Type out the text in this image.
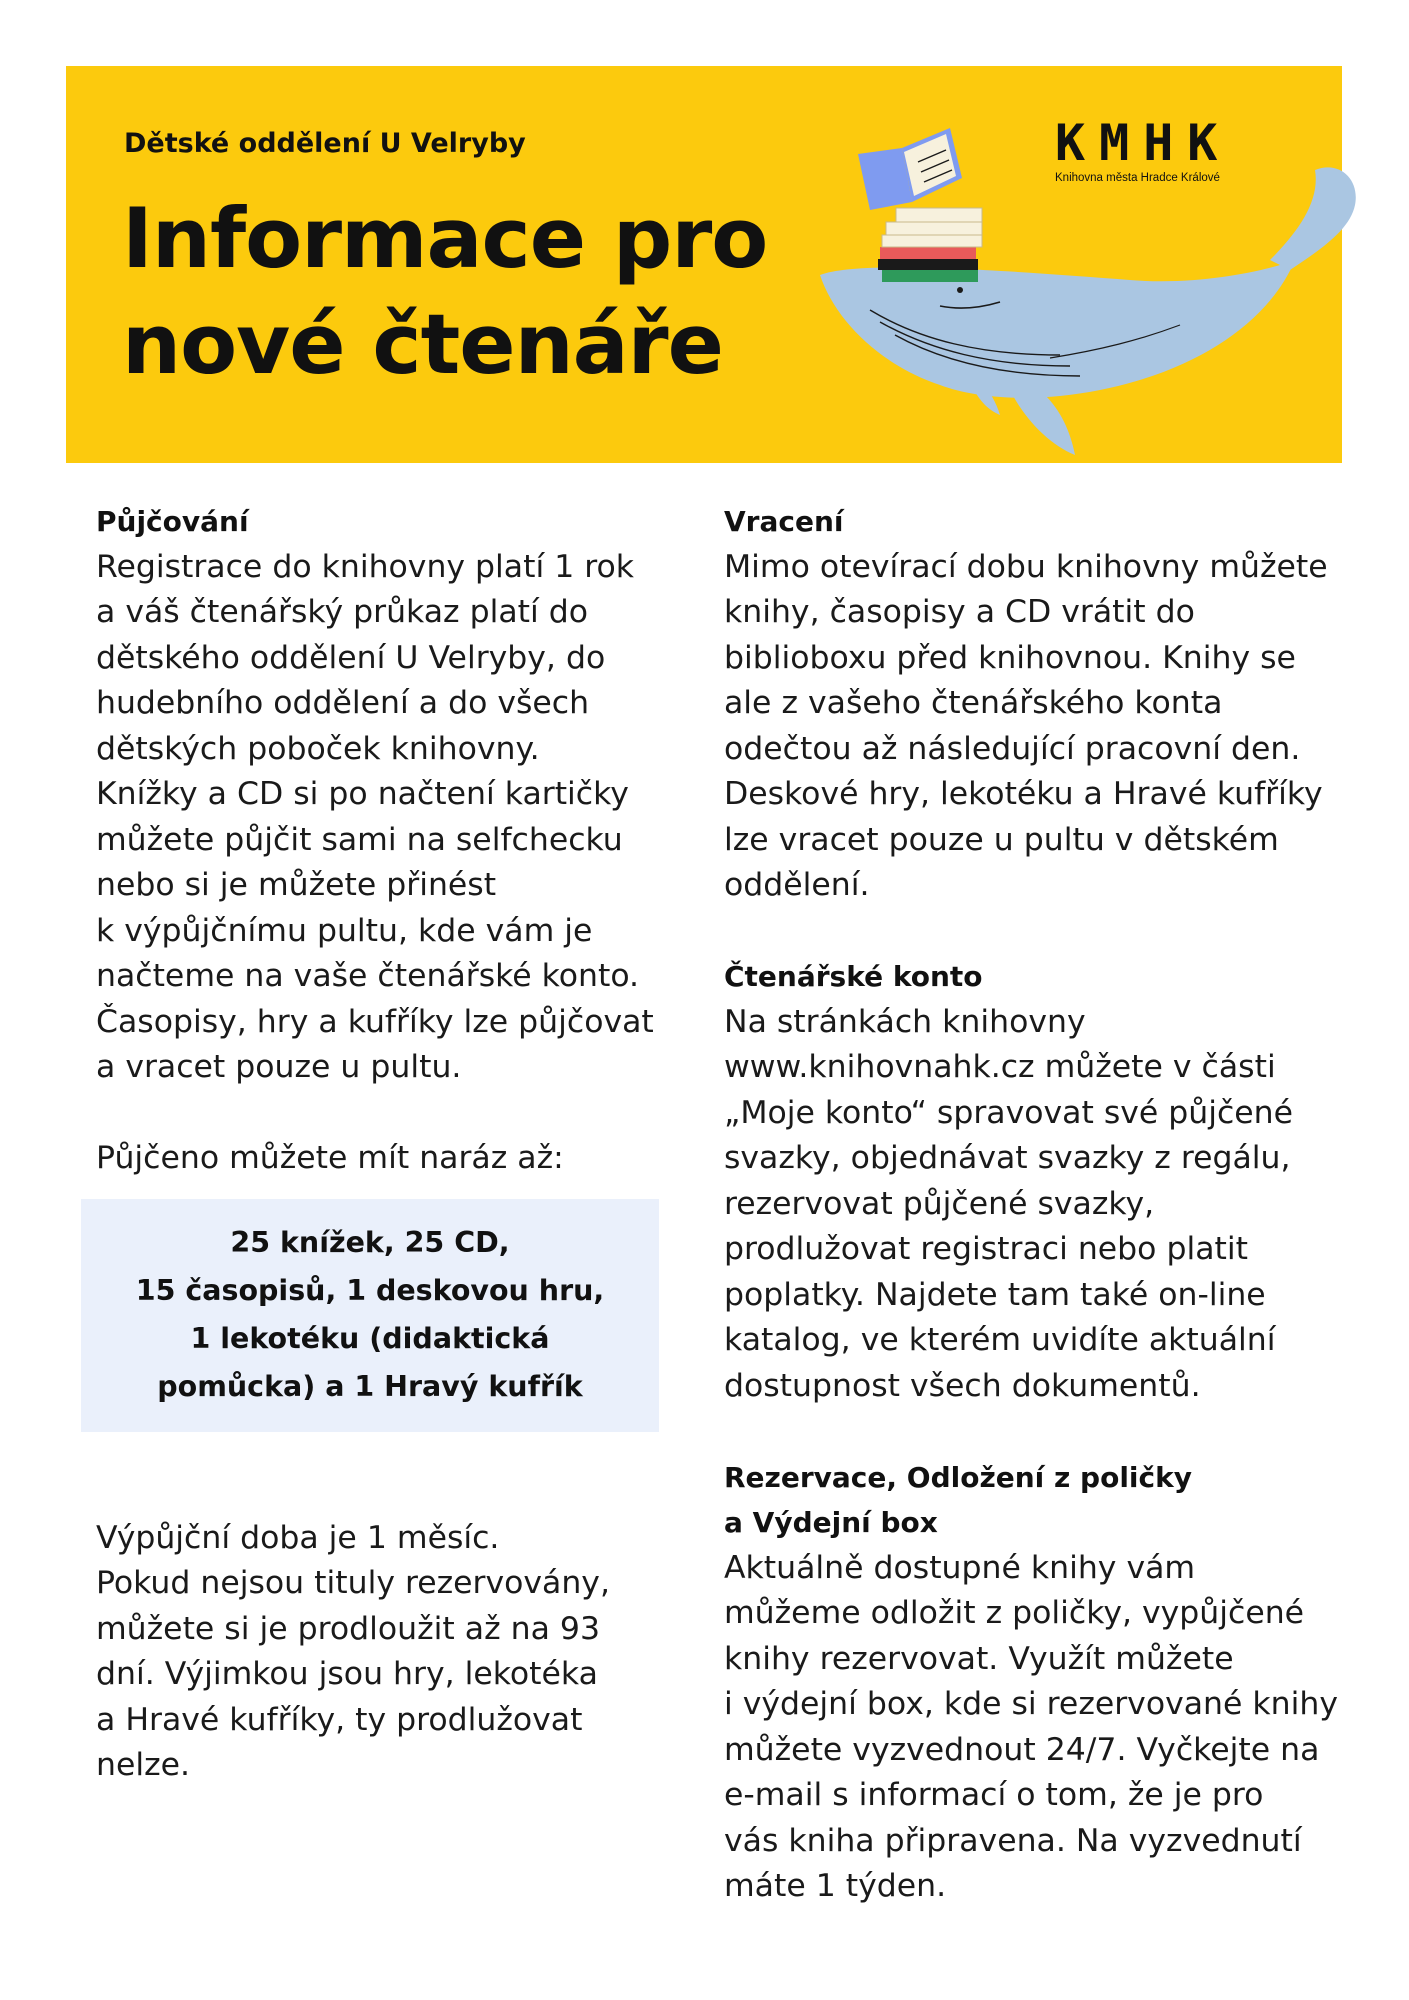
Dětské oddělení U Velryby
Informace pro
nové čtenáře
KMHK
Knihovna města Hradce Králové
25 knížek, 25 CD,
15 časopisů, 1 deskovou hru,
1 lekotéku (didaktická
pomůcka) a 1 Hravý kufřík
Půjčování

Registrace do knihovny platí 1 rok
a váš čtenářský průkaz platí do
dětského oddělení U Velryby, do
hudebního oddělení a do všech
dětských poboček knihovny.
Knížky a CD si po načtení kartičky
můžete půjčit sami na selfchecku
nebo si je můžete přinést
k výpůjčnímu pultu, kde vám je
načteme na vaše čtenářské konto.
Časopisy, hry a kufříky lze půjčovat
a vracet pouze u pultu.

Půjčeno můžete mít naráz až:

Výpůjční doba je 1 měsíc.
Pokud nejsou tituly rezervovány,
můžete si je prodloužit až na 93
dní. Výjimkou jsou hry, lekotéka
a Hravé kufříky, ty prodlužovat
nelze.

Vracení

Mimo otevírací dobu knihovny můžete
knihy, časopisy a CD vrátit do
biblioboxu před knihovnou. Knihy se
ale z vašeho čtenářského konta
odečtou až následující pracovní den.
Deskové hry, lekotéku a Hravé kufříky
lze vracet pouze u pultu v dětském
oddělení.

Čtenářské konto

Na stránkách knihovny
www.knihovnahk.cz můžete v části
„Moje konto“ spravovat své půjčené
svazky, objednávat svazky z regálu,
rezervovat půjčené svazky,
prodlužovat registraci nebo platit
poplatky. Najdete tam také on-line
katalog, ve kterém uvidíte aktuální
dostupnost všech dokumentů.

Rezervace, Odložení z poličky
a Výdejní box

Aktuálně dostupné knihy vám
můžeme odložit z poličky, vypůjčené
knihy rezervovat. Využít můžete
i výdejní box, kde si rezervované knihy
můžete vyzvednout 24/7. Vyčkejte na
e-mail s informací o tom, že je pro
vás kniha připravena. Na vyzvednutí
máte 1 týden.
